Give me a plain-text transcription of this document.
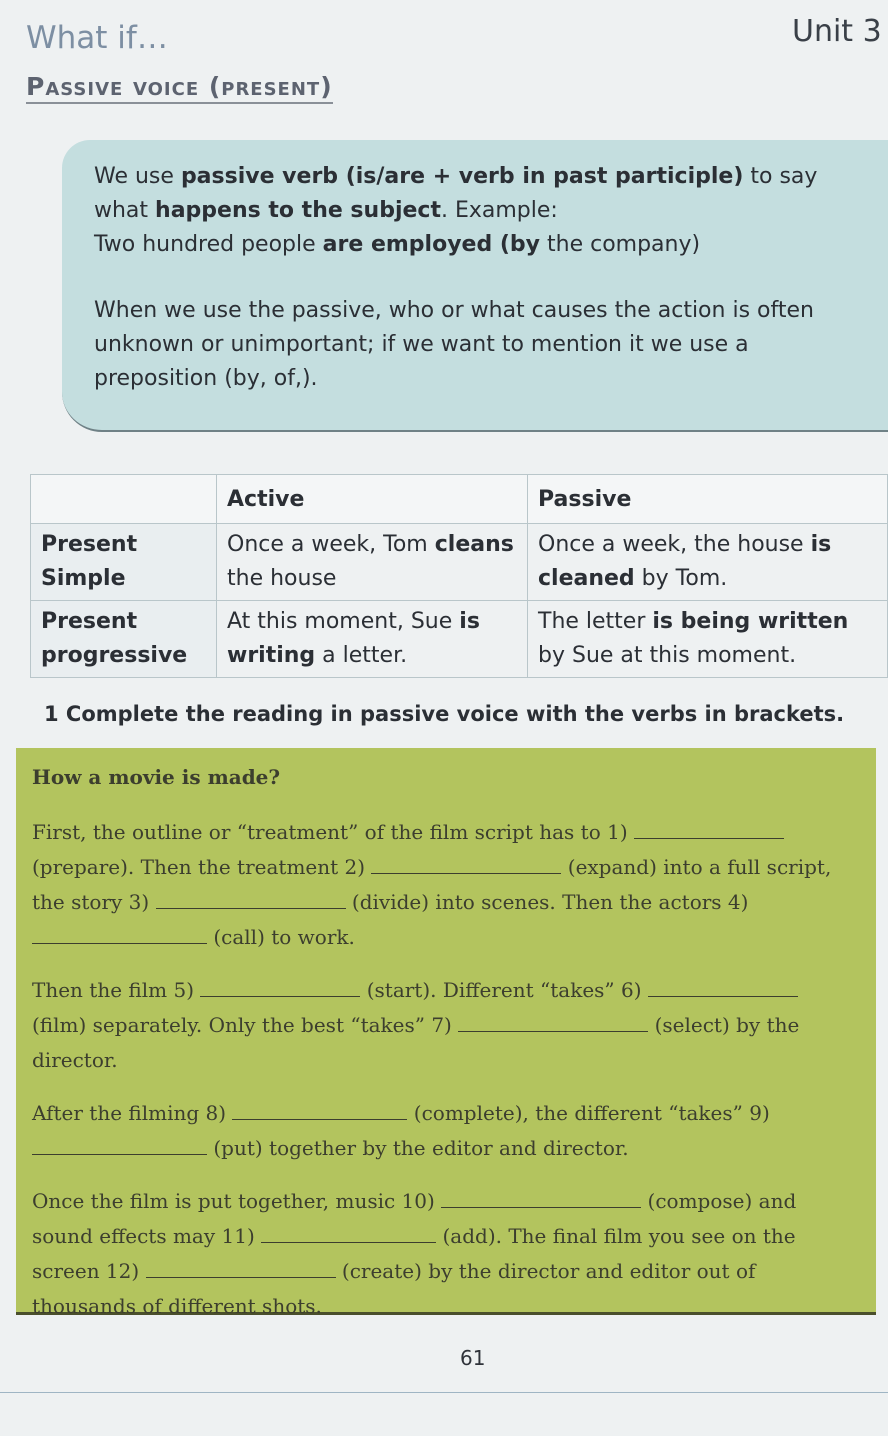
What if…	Unit 3
Passive voice (present)

We use passive verb (is/are + verb in past participle) to say what happens to the subject. Example:

Two hundred people are employed (by the company)

When we use the passive, who or what causes the action is often unknown or unimportant; if we want to mention it we use a preposition (by, of,).

	Active	Passive
Present Simple	Once a week, Tom cleans the house	Once a week, the house is cleaned by Tom.
Present progressive	At this moment, Sue is writing a letter.	The letter is being written by Sue at this moment.
1 Complete the reading in passive voice with the verbs in brackets.

How a movie is made?

First, the outline or “treatment” of the film script has to 1)  (prepare). Then the treatment 2)	(expand) into a full script, the story 3)	(divide) into scenes. Then the actors 4)  (call) to work.

Then the film 5)	(start). Different “takes” 6)  (film) separately. Only the best “takes” 7)	(select) by the director.

After the filming 8)	(complete), the different “takes” 9)  (put) together by the editor and director.

Once the film is put together, music 10)	(compose) and sound effects may 11)	(add). The final film you see on the screen 12)	(create) by the director and editor out of thousands of different shots.

61
